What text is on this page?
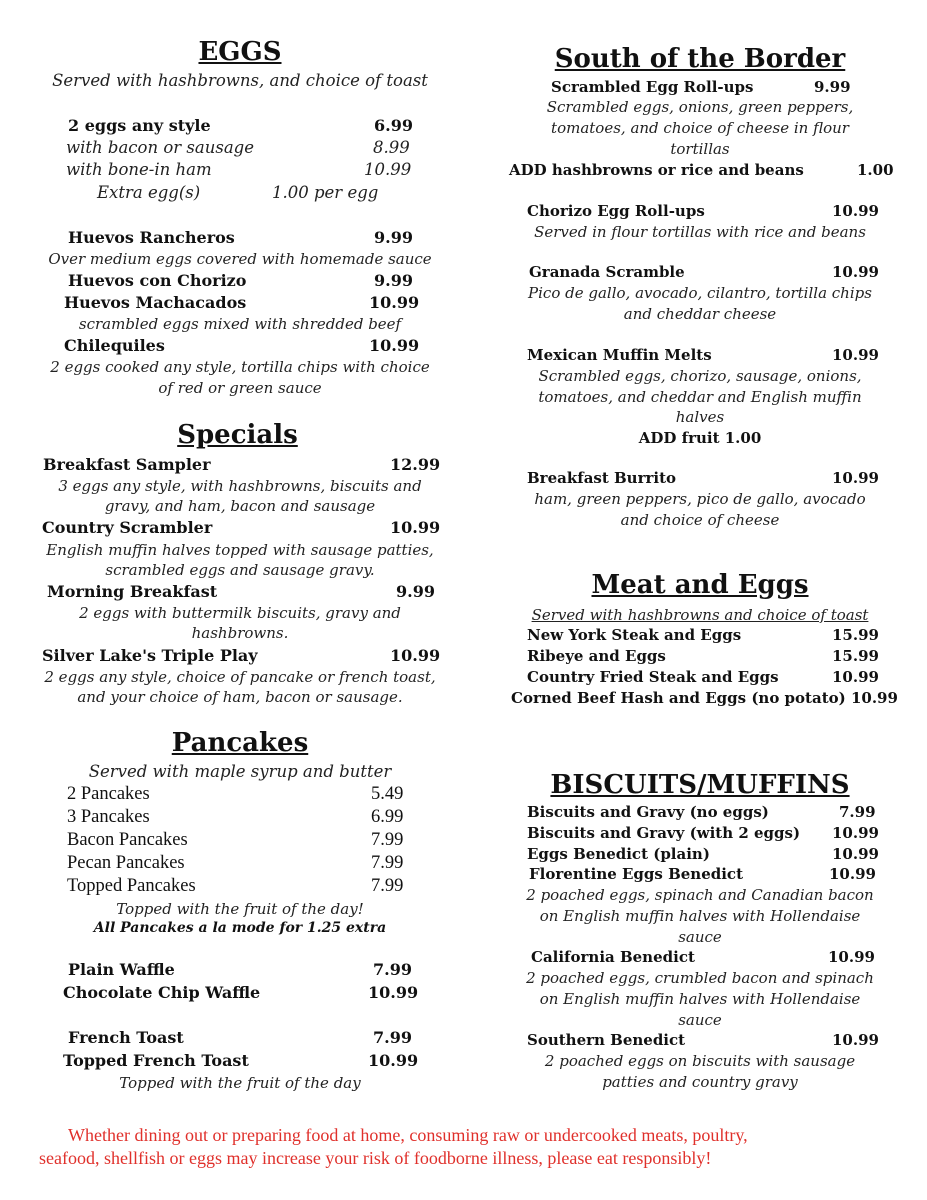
EGGS
Served with hashbrowns, and choice of toast
2 eggs any style	6.99
with bacon or sausage	8.99
with bone-in ham	10.99
Extra egg(s)	1.00 per egg
Huevos Rancheros	9.99
Over medium eggs covered with homemade sauce
Huevos con Chorizo	9.99
Huevos Machacados	10.99
scrambled eggs mixed with shredded beef
Chilequiles	10.99
2 eggs cooked any style, tortilla chips with choice
of red or green sauce
Specials
Breakfast Sampler	12.99
3 eggs any style, with hashbrowns, biscuits and
gravy, and ham, bacon and sausage
Country Scrambler	10.99
English muffin halves topped with sausage patties,
scrambled eggs and sausage gravy.
Morning Breakfast	9.99
2 eggs with buttermilk biscuits, gravy and
hashbrowns.
Silver Lake's Triple Play	10.99
2 eggs any style, choice of pancake or french toast,
and your choice of ham, bacon or sausage.
Pancakes
Served with maple syrup and butter
2 Pancakes	5.49
3 Pancakes	6.99
Bacon Pancakes	7.99
Pecan Pancakes	7.99
Topped Pancakes	7.99
Topped with the fruit of the day!
All Pancakes a la mode for 1.25 extra
Plain Waffle	7.99
Chocolate Chip Waffle	10.99
French Toast	7.99
Topped French Toast	10.99
Topped with the fruit of the day
South of the Border
Scrambled Egg Roll-ups	9.99
Scrambled eggs, onions, green peppers,
tomatoes, and choice of cheese in flour
tortillas
ADD hashbrowns or rice and beans	1.00
Chorizo Egg Roll-ups	10.99
Served in flour tortillas with rice and beans
Granada Scramble	10.99
Pico de gallo, avocado, cilantro, tortilla chips
and cheddar cheese
Mexican Muffin Melts	10.99
Scrambled eggs, chorizo, sausage, onions,
tomatoes, and cheddar and English muffin
halves
ADD fruit 1.00
Breakfast Burrito	10.99
ham, green peppers, pico de gallo, avocado
and choice of cheese
Meat and Eggs
Served with hashbrowns and choice of toast
New York Steak and Eggs	15.99
Ribeye and Eggs	15.99
Country Fried Steak and Eggs	10.99
Corned Beef Hash and Eggs (no potato) 10.99
BISCUITS/MUFFINS
Biscuits and Gravy (no eggs)	7.99
Biscuits and Gravy (with 2 eggs) 10.99
Eggs Benedict (plain)	10.99
Florentine Eggs Benedict	10.99
2 poached eggs, spinach and Canadian bacon
on English muffin halves with Hollendaise
sauce
California Benedict	10.99
2 poached eggs, crumbled bacon and spinach
on English muffin halves with Hollendaise
sauce
Southern Benedict	10.99
2 poached eggs on biscuits with sausage
patties and country gravy
Whether dining out or preparing food at home, consuming raw or undercooked meats, poultry,
seafood, shellfish or eggs may increase your risk of foodborne illness, please eat responsibly!
